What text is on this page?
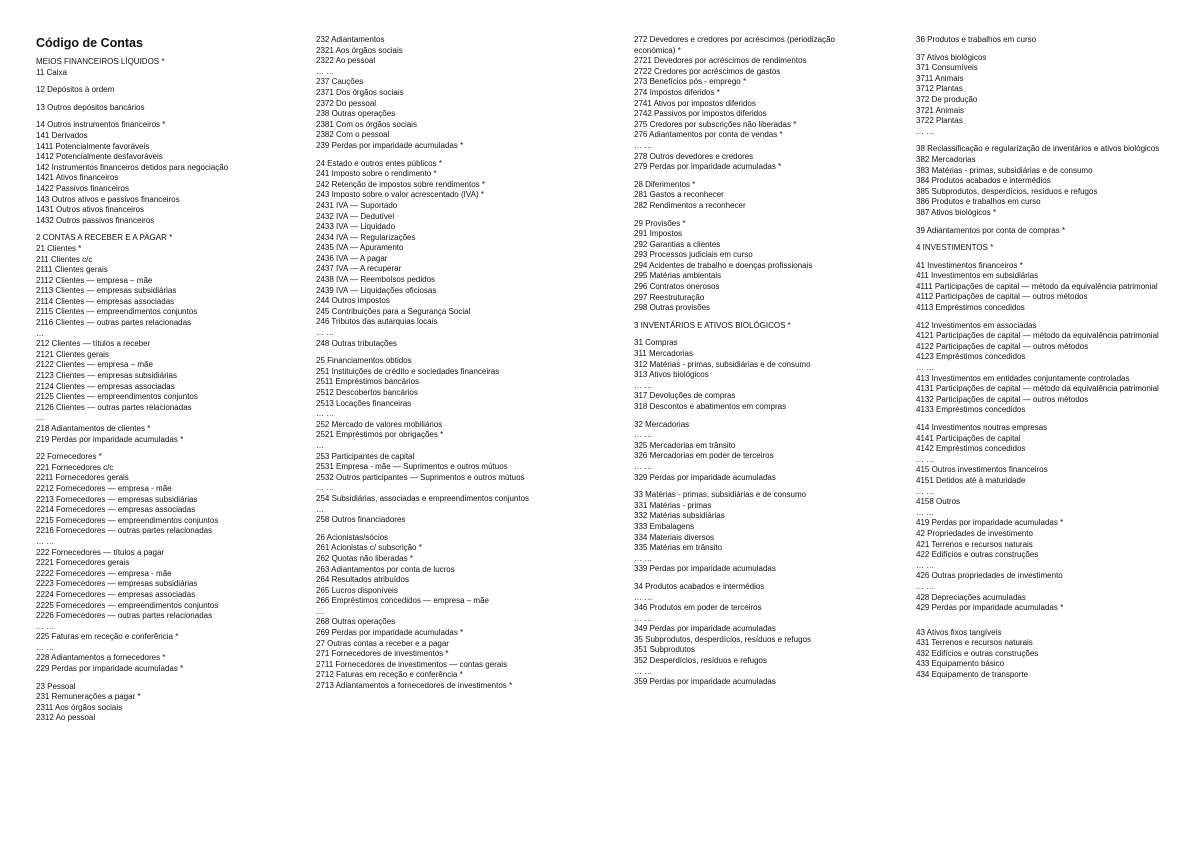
Código de Contas
MEIOS FINANCEIROS LÍQUIDOS *
11 Caixa
12 Depósitos à ordem
13 Outros depósitos bancários
14 Outros instrumentos financeiros *
141 Derivados
1411 Potencialmente favoráveis
1412 Potencialmente desfavoráveis
142 Instrumentos financeiros detidos para negociação
1421 Ativos financeiros
1422 Passivos financeiros
143 Outros ativos e passivos financeiros
1431 Outros ativos financeiros
1432 Outros passivos financeiros
2 CONTAS A RECEBER E A PAGAR *
21 Clientes *
211 Clientes c/c
2111 Clientes gerais
2112 Clientes — empresa – mãe
2113 Clientes — empresas subsidiárias
2114 Clientes — empresas associadas
2115 Clientes — empreendimentos conjuntos
2116 Clientes — outras partes relacionadas
…
212 Clientes — títulos a receber
2121 Clientes gerais
2122 Clientes — empresa – mãe
2123 Clientes — empresas subsidiárias
2124 Clientes — empresas associadas
2125 Clientes — empreendimentos conjuntos
2126 Clientes — outras partes relacionadas
…
218 Adiantamentos de clientes *
219 Perdas por imparidade acumuladas *
22 Fornecedores *
221 Fornecedores c/c
2211 Fornecedores gerais
2212 Fornecedores — empresa - mãe
2213 Fornecedores — empresas subsidiárias
2214 Fornecedores — empresas associadas
2215 Fornecedores — empreendimentos conjuntos
2216 Fornecedores — outras partes relacionadas
… …
222 Fornecedores — títulos a pagar
2221 Fornecedores gerais
2222 Fornecedores — empresa - mãe
2223 Fornecedores — empresas subsidiárias
2224 Fornecedores — empresas associadas
2225 Fornecedores — empreendimentos conjuntos
2226 Fornecedores — outras partes relacionadas
… …
225 Faturas em receção e conferência *
… …
228 Adiantamentos a fornecedores *
229 Perdas por imparidade acumuladas *
23 Pessoal
231 Remunerações a pagar *
2311 Aos órgãos sociais
2312 Ao pessoal
232 Adiantamentos
2321 Aos órgãos sociais
2322 Ao pessoal
… …
237 Cauções
2371 Dos órgãos sociais
2372 Do pessoal
238 Outras operações
2381 Com os órgãos sociais
2382 Com o pessoal
239 Perdas por imparidade acumuladas *
24 Estado e outros entes públicos *
241 Imposto sobre o rendimento *
242 Retenção de impostos sobre rendimentos *
243 Imposto sobre o valor acrescentado (IVA) *
2431 IVA — Suportado
2432 IVA — Dedutível
2433 IVA — Liquidado
2434 IVA — Regularizações
2435 IVA — Apuramento
2436 IVA — A pagar
2437 IVA — A recuperar
2438 IVA — Reembolsos pedidos
2439 IVA — Liquidações oficiosas
244 Outros impostos
245 Contribuições para a Segurança Social
246 Tributos das autarquias locais
… …
248 Outras tributações
25 Financiamentos obtidos
251 Instituições de crédito e sociedades financeiras
2511 Empréstimos bancários
2512 Descobertos bancários
2513 Locações financeiras
… …
252 Mercado de valores mobiliários
2521 Empréstimos por obrigações *
…
253 Participantes de capital
2531 Empresa - mãe — Suprimentos e outros mútuos
2532 Outros participantes — Suprimentos e outros mútuos
… …
254 Subsidiárias, associadas e empreendimentos conjuntos
…
258 Outros financiadores
26 Acionistas/sócios
261 Acionistas c/ subscrição *
262 Quotas não liberadas *
263 Adiantamentos por conta de lucros
264 Resultados atribuídos
265 Lucros disponíveis
266 Empréstimos concedidos — empresa – mãe
…
268 Outras operações
269 Perdas por imparidade acumuladas *
27 Outras contas a receber e a pagar
271 Fornecedores de investimentos *
2711 Fornecedores de investimentos — contas gerais
2712 Faturas em receção e conferência *
2713 Adiantamentos a fornecedores de investimentos *
272 Devedores e credores por acréscimos (periodização
económica) *
2721 Devedores por acréscimos de rendimentos
2722 Credores por acréscimos de gastos
273 Benefícios pós - emprego *
274 Impostos diferidos *
2741 Ativos por impostos diferidos
2742 Passivos por impostos diferidos
275 Credores por subscrições não liberadas *
276 Adiantamentos por conta de vendas *
… …
278 Outros devedores e credores
279 Perdas por imparidade acumuladas *
28 Diferimentos *
281 Gastos a reconhecer
282 Rendimentos a reconhecer
29 Provisões *
291 Impostos
292 Garantias a clientes
293 Processos judiciais em curso
294 Acidentes de trabalho e doenças profissionais
295 Matérias ambientais
296 Contratos onerosos
297 Reestruturação
298 Outras provisões
3 INVENTÁRIOS E ATIVOS BIOLÓGICOS *
31 Compras
311 Mercadorias
312 Matérias - primas, subsidiárias e de consumo
313 Ativos biológicos
… …
317 Devoluções de compras
318 Descontos e abatimentos em compras
32 Mercadorias
… …
325 Mercadorias em trânsito
326 Mercadorias em poder de terceiros
… …
329 Perdas por imparidade acumuladas
33 Matérias - primas, subsidiárias e de consumo
331 Matérias - primas
332 Matérias subsidiárias
333 Embalagens
334 Materiais diversos
335 Matérias em trânsito
… …
339 Perdas por imparidade acumuladas
34 Produtos acabados e intermédios
… …
346 Produtos em poder de terceiros
… …
349 Perdas por imparidade acumuladas
35 Subprodutos, desperdícios, resíduos e refugos
351 Subprodutos
352 Desperdícios, resíduos e refugos
… …
359 Perdas por imparidade acumuladas
36 Produtos e trabalhos em curso
37 Ativos biológicos
371 Consumíveis
3711 Animais
3712 Plantas
372 De produção
3721 Animais
3722 Plantas
… …
38 Reclassificação e regularização de inventários e ativos biológicos
382 Mercadorias
383 Matérias - primas, subsidiárias e de consumo
384 Produtos acabados e intermédios
385 Subprodutos, desperdícios, resíduos e refugos
386 Produtos e trabalhos em curso
387 Ativos biológicos *
39 Adiantamentos por conta de compras *
4 INVESTIMENTOS *
41 Investimentos financeiros *
411 Investimentos em subsidiárias
4111 Participações de capital — método da equivalência patrimonial
4112 Participações de capital — outros métodos
4113 Empréstimos concedidos
412 Investimentos em associadas
4121 Participações de capital — método da equivalência patrimonial
4122 Participações de capital — outros métodos
4123 Empréstimos concedidos
… …
413 Investimentos em entidades conjuntamente controladas
4131 Participações de capital — método da equivalência patrimonial
4132 Participações de capital — outros métodos
4133 Empréstimos concedidos
414 Investimentos noutras empresas
4141 Participações de capital
4142 Empréstimos concedidos
… …
415 Outros investimentos financeiros
4151 Detidos até à maturidade
… …
4158 Outros
… …
419 Perdas por imparidade acumuladas *
42 Propriedades de investimento
421 Terrenos e recursos naturais
422 Edifícios e outras construções
… …
426 Outras propriedades de investimento
… …
428 Depreciações acumuladas
429 Perdas por imparidade acumuladas *
43 Ativos fixos tangíveis
431 Terrenos e recursos naturais
432 Edifícios e outras construções
433 Equipamento básico
434 Equipamento de transporte
